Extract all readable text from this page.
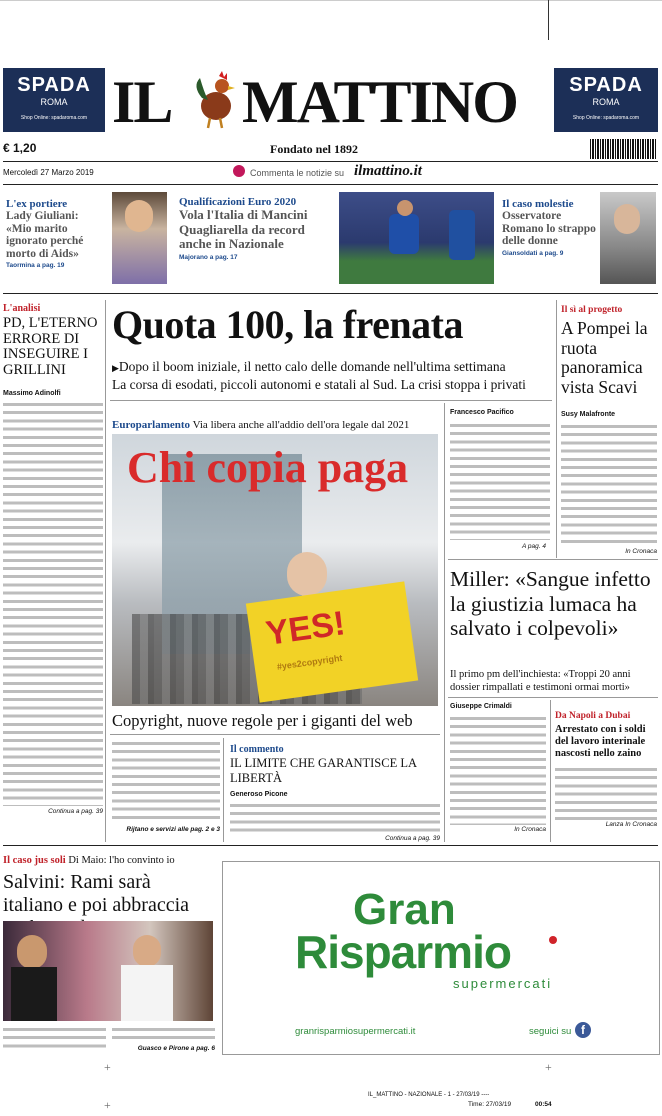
SPADA
ROMA
Shop Online: spadaroma.com
SPADA
ROMA
Shop Online: spadaroma.com
IL MATTINO
€ 1,20	Fondato nel 1892
Mercoledì 27 Marzo 2019	Commenta le notizie su ilmattino.it
L'ex portiere
Lady Giuliani: «Mio marito ignorato perché morto di Aids»
Taormina a pag. 19
Qualificazioni Euro 2020
Vola l'Italia di Mancini Quagliarella da record anche in Nazionale
Majorano a pag. 17
Il caso molestie
Osservatore Romano lo strappo delle donne
Giansoldati a pag. 9
L'analisi
PD, L'ETERNO ERRORE DI INSEGUIRE I GRILLINI
Massimo Adinolfi
Continua a pag. 39
Quota 100, la frenata
▶Dopo il boom iniziale, il netto calo delle domande nell'ultima settimana
La corsa di esodati, piccoli autonomi e statali al Sud. La crisi stoppa i privati
Europarlamento Via libera anche all'addio dell'ora legale dal 2021
Chi copia paga
YES!
#yes2copyright
Copyright, nuove regole per i giganti del web
Rijtano e servizi alle pag. 2 e 3
Il commento
IL LIMITE CHE GARANTISCE LA LIBERTÀ
Generoso Picone
Continua a pag. 39
Francesco Pacifico
A pag. 4
Il sì al progetto
A Pompei la ruota panoramica vista Scavi
Susy Malafronte
In Cronaca
Miller: «Sangue infetto la giustizia lumaca ha salvato i colpevoli»
Il primo pm dell'inchiesta: «Troppi 20 anni dossier rimpallati e testimoni ormai morti»
Giuseppe Crimaldi
In Cronaca
Da Napoli a Dubai
Arrestato con i soldi del lavoro interinale nascosti nello zaino
Lanza In Cronaca
Il caso jus soli Di Maio: l'ho convinto io
Salvini: Rami sarà italiano e poi abbraccia
Guasco e Pirone a pag. 6
Gran
Risparmio
supermercati
granrisparmiosupermercati.it	seguici su f
+	+
+
IL_MATTINO - NAZIONALE - 1 - 27/03/19 ----
Time: 27/03/19	00:54
